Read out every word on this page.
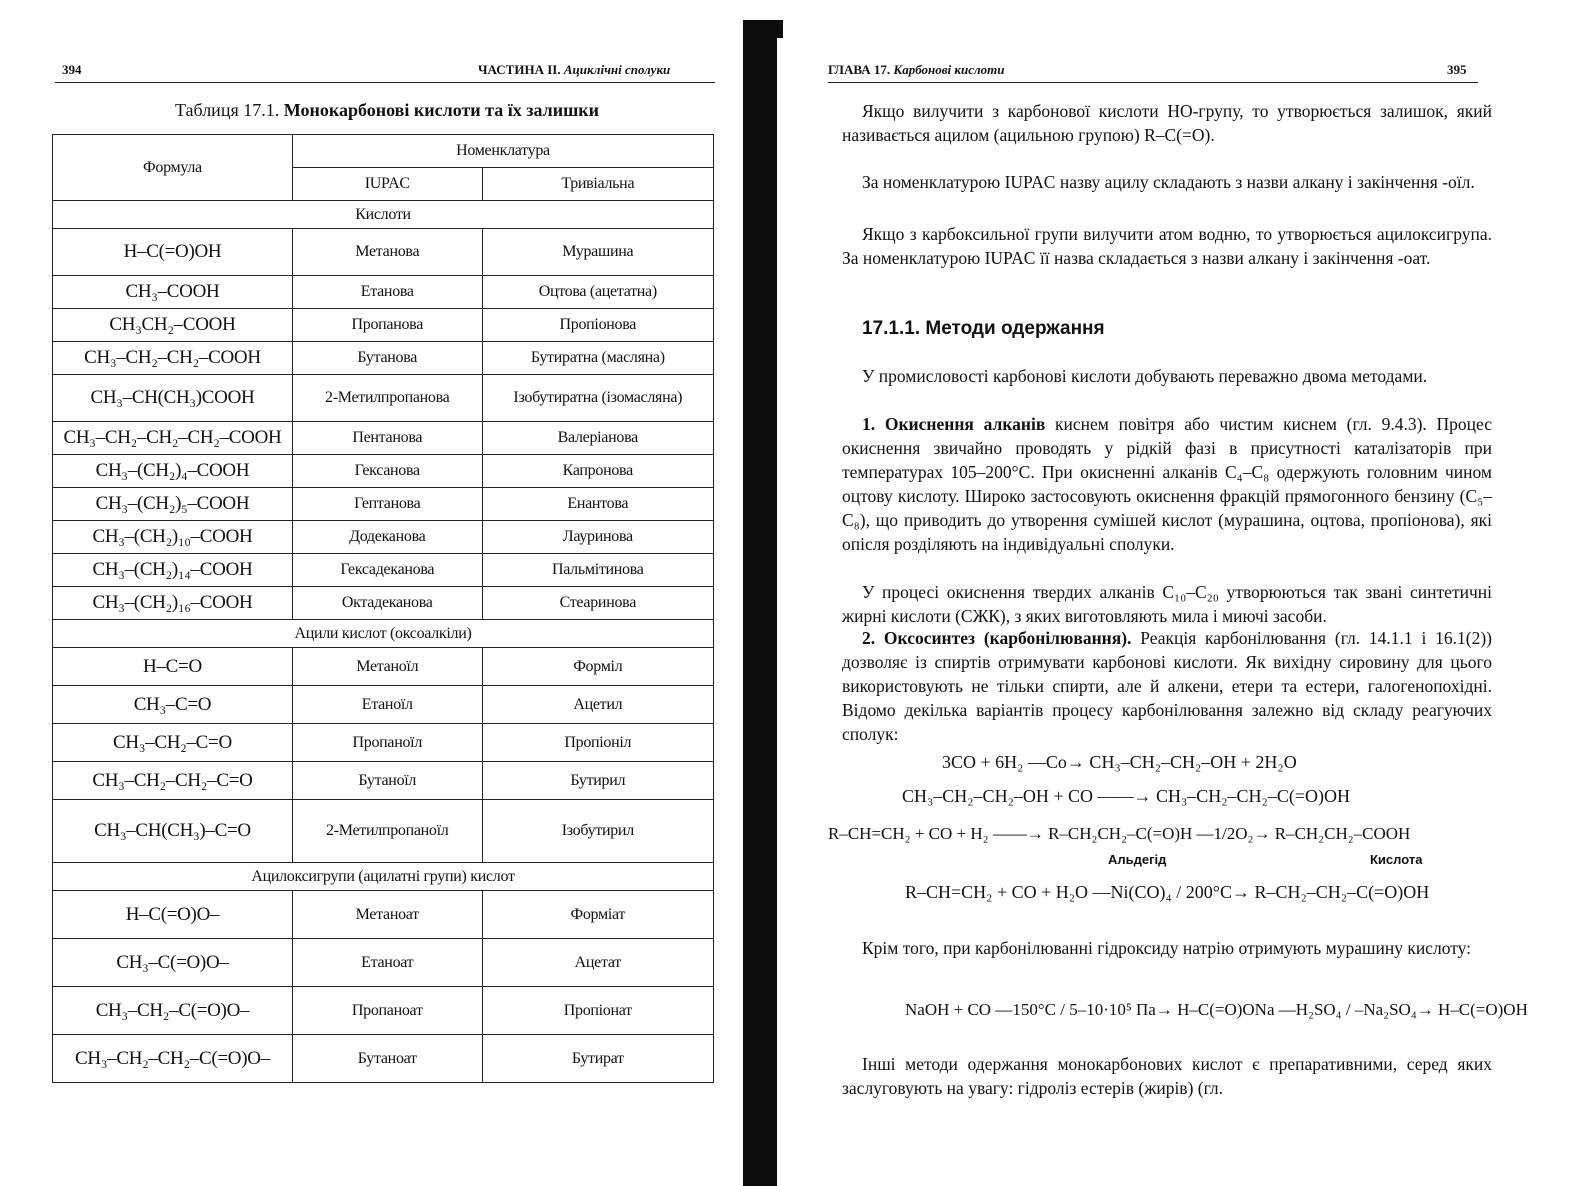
394	ЧАСТИНА II. Ациклічні сполуки
Таблиця 17.1. Монокарбонові кислоти та їх залишки
Формула	Номенклатура	
	IUPAC	Тривіальна
Кислоти		
H–C(=O)OH	Метанова	Мурашина
CH₃–COOH	Етанова	Оцтова (ацетатна)
CH₃CH₂–COOH	Пропанова	Пропіонова
CH₃–CH₂–CH₂–COOH	Бутанова	Бутиратна (масляна)
CH₃–CH(CH₃)COOH	2-Метилпропанова	Ізобутиратна (ізомасляна)
CH₃–CH₂–CH₂–CH₂–COOH	Пентанова	Валеріанова
CH₃–(CH₂)₄–COOH	Гексанова	Капронова
CH₃–(CH₂)₅–COOH	Гептанова	Енантова
CH₃–(CH₂)₁₀–COOH	Додеканова	Лауринова
CH₃–(CH₂)₁₄–COOH	Гексадеканова	Пальмітинова
CH₃–(CH₂)₁₆–COOH	Октадеканова	Стеаринова
Ацили кислот (оксоалкіли)		
H–C=O	Метаноїл	Форміл
CH₃–C=O	Етаноїл	Ацетил
CH₃–CH₂–C=O	Пропаноїл	Пропіоніл
CH₃–CH₂–CH₂–C=O	Бутаноїл	Бутирил
CH₃–CH(CH₃)–C=O	2-Метилпропаноїл	Ізобутирил
Ацилоксигрупи (ацилатні групи) кислот		
H–C(=O)O–	Метаноат	Форміат
CH₃–C(=O)O–	Етаноат	Ацетат
CH₃–CH₂–C(=O)O–	Пропаноат	Пропіонат
CH₃–CH₂–CH₂–C(=O)O–	Бутаноат	Бутират
ГЛАВА 17. Карбонові кислоти	395
Якщо вилучити з карбонової кислоти НО-групу, то утворюється залишок, який називається ацилом (ацильною групою) R–C(=O).
За номенклатурою IUPAC назву ацилу складають з назви алкану і закінчення -оїл.
Якщо з карбоксильної групи вилучити атом водню, то утворюється ацилоксигрупа. За номенклатурою IUPAC її назва складається з назви алкану і закінчення -оат.
17.1.1. Методи одержання
У промисловості карбонові кислоти добувають переважно двома методами.
1. Окиснення алканів киснем повітря або чистим киснем (гл. 9.4.3). Процес окиснення звичайно проводять у рідкій фазі в присутності каталізаторів при температурах 105–200°C. При окисненні алканів C₄–C₈ одержують головним чином оцтову кислоту. Широко застосовують окиснення фракцій прямогонного бензину (C₅–C₈), що приводить до утворення сумішей кислот (мурашина, оцтова, пропіонова), які опісля розділяють на індивідуальні сполуки.
У процесі окиснення твердих алканів C₁₀–C₂₀ утворюються так звані синтетичні жирні кислоти (СЖК), з яких виготовляють мила і миючі засоби.
2. Оксосинтез (карбонілювання). Реакція карбонілювання (гл. 14.1.1 і 16.1(2)) дозволяє із спиртів отримувати карбонові кислоти. Як вихідну сировину для цього використовують не тільки спирти, але й алкени, етери та естери, галогенопохідні. Відомо декілька варіантів процесу карбонілювання залежно від складу реагуючих сполук:
3CO + 6H₂ —Co→ CH₃–CH₂–CH₂–OH + 2H₂O
CH₃–CH₂–CH₂–OH + CO ——→ CH₃–CH₂–CH₂–C(=O)OH
R–CH=CH₂ + CO + H₂ ——→ R–CH₂CH₂–C(=O)H —1/2O₂→ R–CH₂CH₂–COOH
Альдегід	Кислота
R–CH=CH₂ + CO + H₂O —Ni(CO)₄ / 200°C→ R–CH₂–CH₂–C(=O)OH
Крім того, при карбонілюванні гідроксиду натрію отримують мурашину кислоту:
NaOH + CO —150°C / 5–10·10⁵ Па→ H–C(=O)ONa —H₂SO₄ / –Na₂SO₄→ H–C(=O)OH
Інші методи одержання монокарбонових кислот є препаративними, серед яких заслуговують на увагу: гідроліз естерів (жирів) (гл.
